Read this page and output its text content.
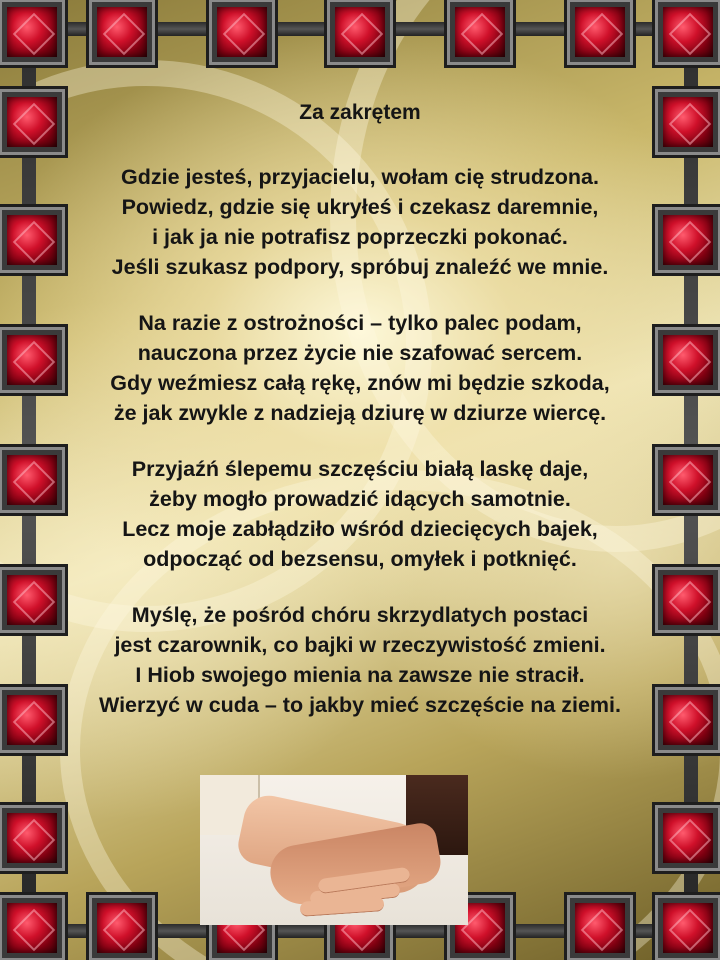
Za zakrętem
Gdzie jesteś, przyjacielu, wołam cię strudzona.
Powiedz, gdzie się ukryłeś i czekasz daremnie,
i jak ja nie potrafisz poprzeczki pokonać.
Jeśli szukasz podpory, spróbuj znaleźć we mnie.
Na razie z ostrożności – tylko palec podam,
nauczona przez życie nie szafować sercem.
Gdy weźmiesz całą rękę, znów mi będzie szkoda,
że jak zwykle z nadzieją dziurę w dziurze wiercę.
Przyjaźń ślepemu szczęściu białą laskę daje,
żeby mogło prowadzić idących samotnie.
Lecz moje zabłądziło wśród dziecięcych bajek,
odpocząć od bezsensu, omyłek i potknięć.
Myślę, że pośród chóru skrzydlatych postaci
jest czarownik, co bajki w rzeczywistość zmieni.
I Hiob swojego mienia na zawsze nie stracił.
Wierzyć w cuda – to jakby mieć szczęście na ziemi.
